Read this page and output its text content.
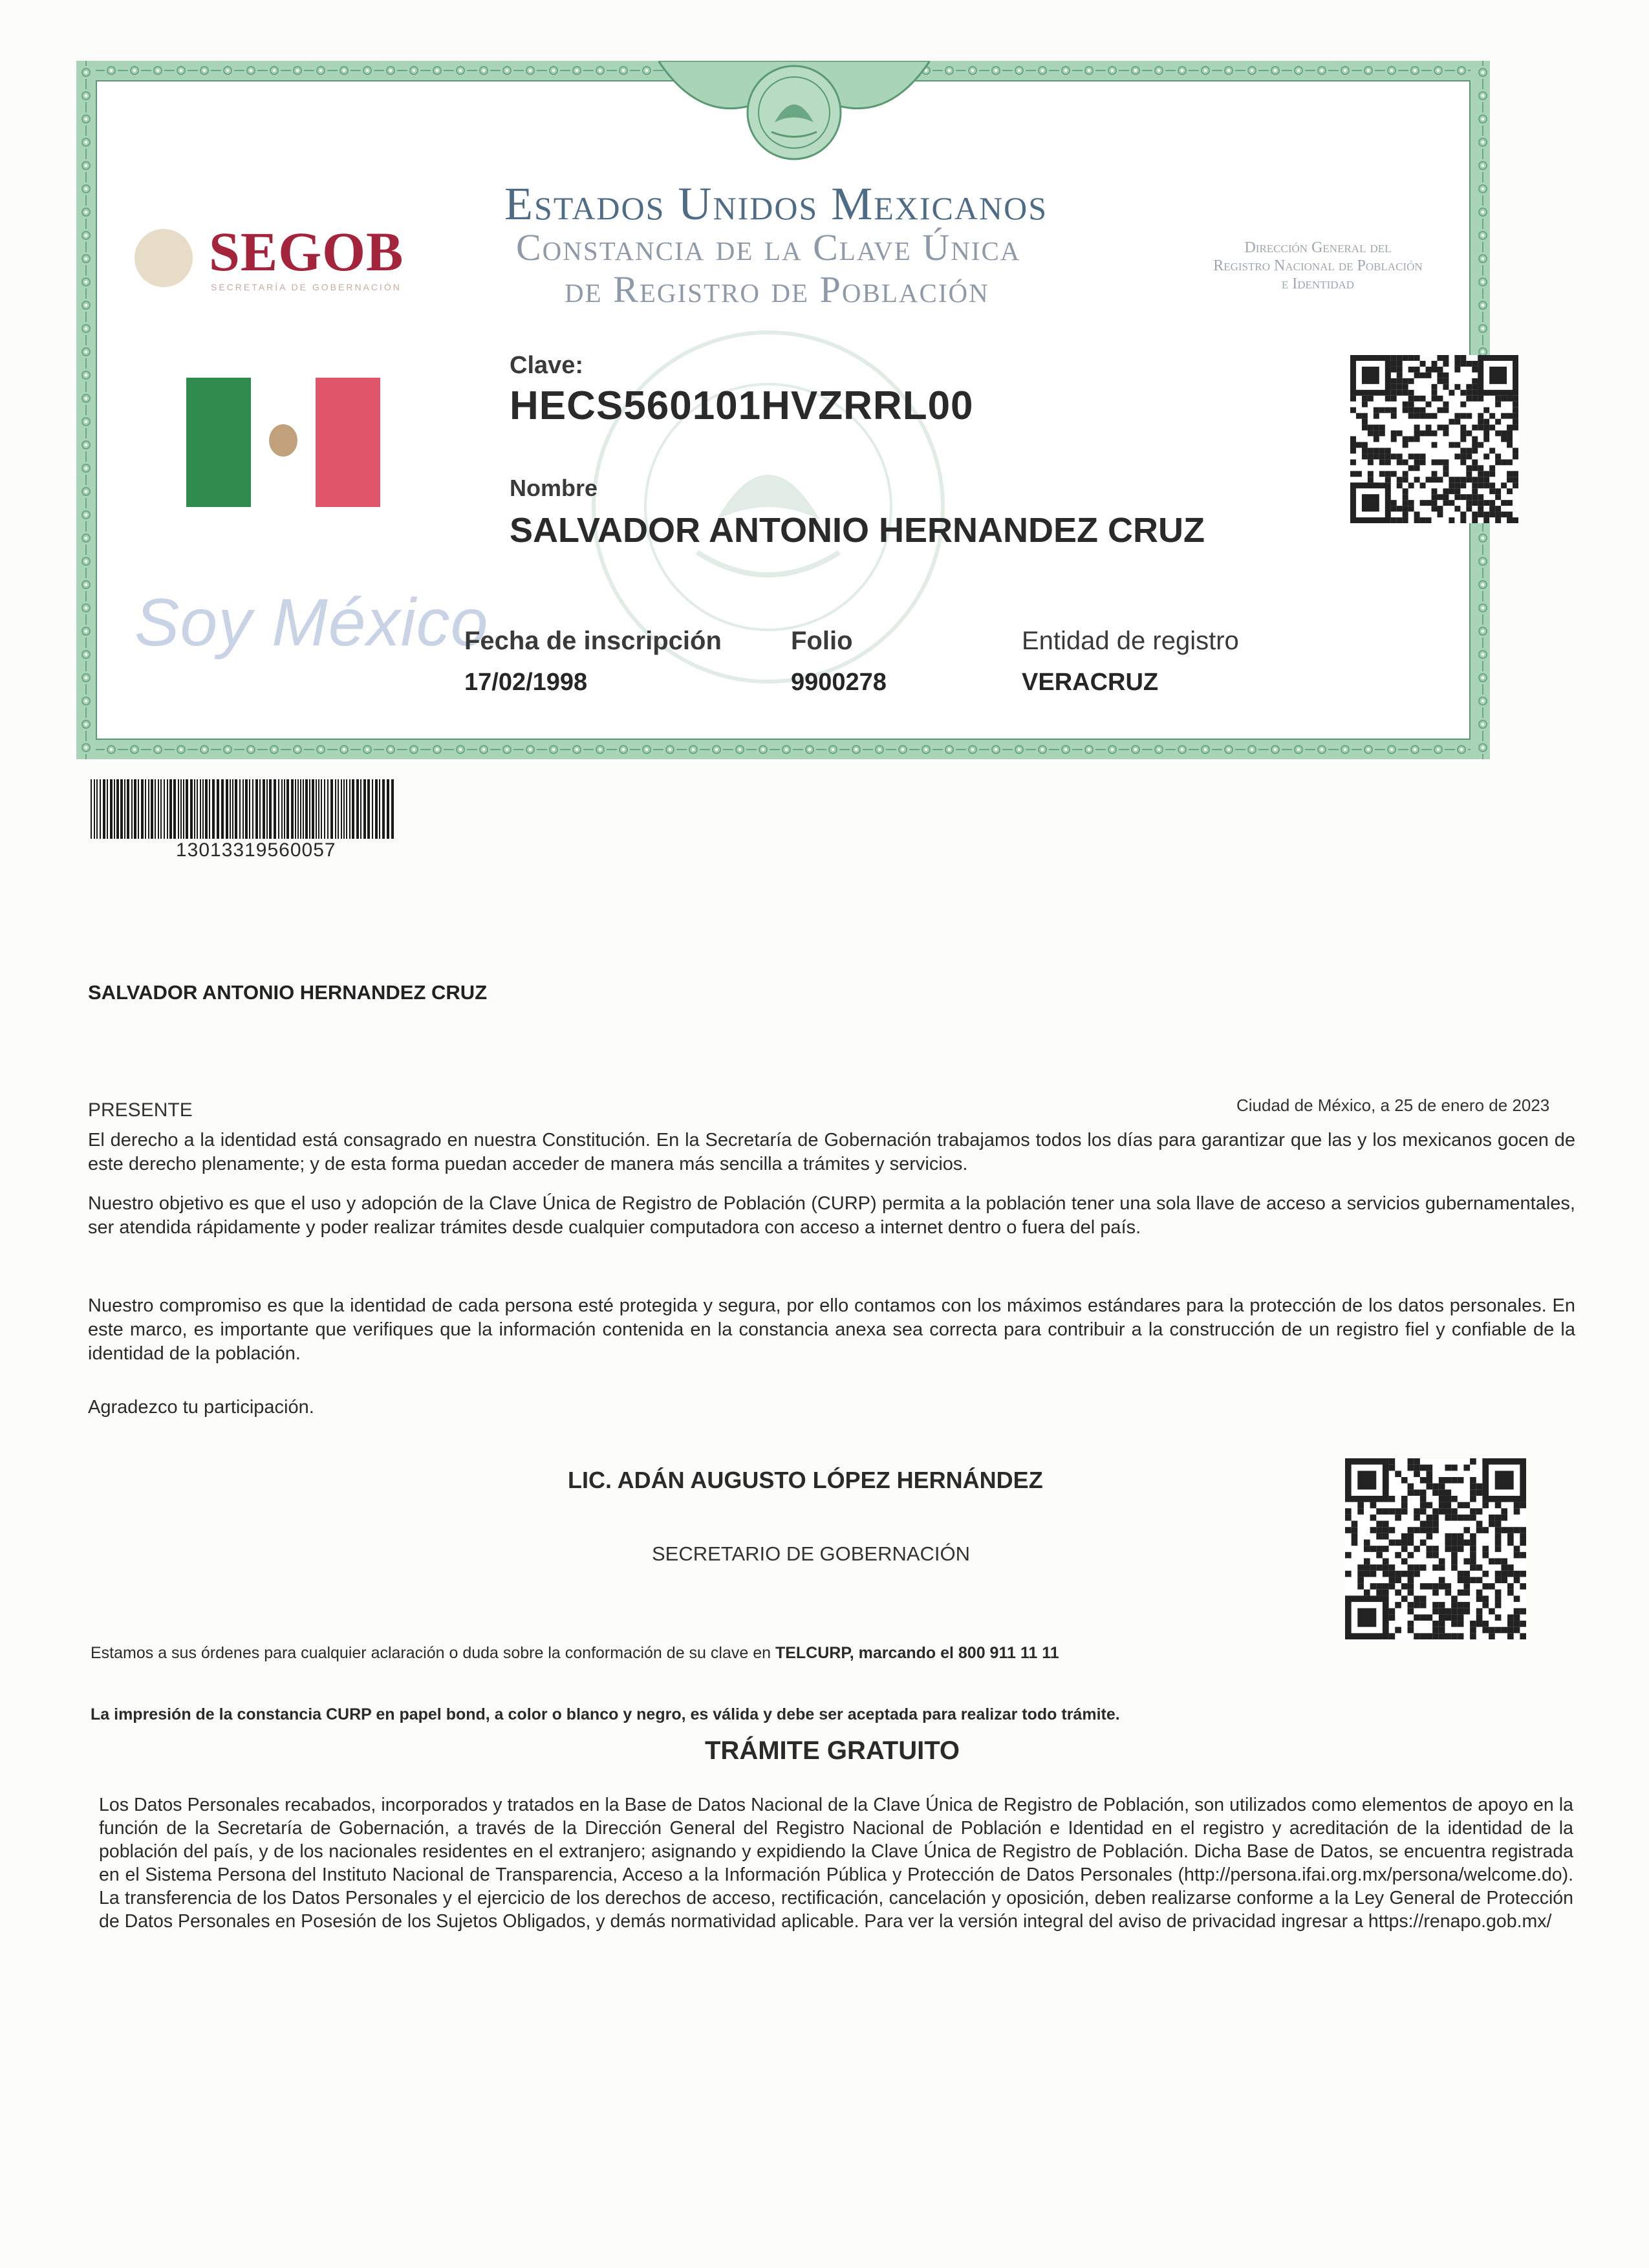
SEGOB
SECRETARÍA DE GOBERNACIÓN
Estados Unidos Mexicanos
Constancia de la Clave Única
de Registro de Población
Dirección General del
Registro Nacional de Población
e Identidad
Soy México
Clave:
HECS560101HVZRRL00
Nombre
SALVADOR ANTONIO HERNANDEZ CRUZ
Fecha de inscripción
17/02/1998
Folio
9900278
Entidad de registro
VERACRUZ
13013319560057
SALVADOR ANTONIO HERNANDEZ CRUZ
PRESENTE	Ciudad de México, a 25 de enero de 2023
El derecho a la identidad está consagrado en nuestra Constitución. En la Secretaría de Gobernación trabajamos todos los días para garantizar que las y los mexicanos gocen de este derecho plenamente; y de esta forma puedan acceder de manera más sencilla a trámites y servicios.
Nuestro objetivo es que el uso y adopción de la Clave Única de Registro de Población (CURP) permita a la población tener una sola llave de acceso a servicios gubernamentales, ser atendida rápidamente y poder realizar trámites desde cualquier computadora con acceso a internet dentro o fuera del país.
Nuestro compromiso es que la identidad de cada persona esté protegida y segura, por ello contamos con los máximos estándares para la protección de los datos personales. En este marco, es importante que verifiques que la información contenida en la constancia anexa sea correcta para contribuir a la construcción de un registro fiel y confiable de la identidad de la población.
Agradezco tu participación.
LIC. ADÁN AUGUSTO LÓPEZ HERNÁNDEZ
SECRETARIO DE GOBERNACIÓN
Estamos a sus órdenes para cualquier aclaración o duda sobre la conformación de su clave en TELCURP, marcando el 800 911 11 11
La impresión de la constancia CURP en papel bond, a color o blanco y negro, es válida y debe ser aceptada para realizar todo trámite.
TRÁMITE GRATUITO
Los Datos Personales recabados, incorporados y tratados en la Base de Datos Nacional de la Clave Única de Registro de Población, son utilizados como elementos de apoyo en la función de la Secretaría de Gobernación, a través de la Dirección General del Registro Nacional de Población e Identidad en el registro y acreditación de la identidad de la población del país, y de los nacionales residentes en el extranjero; asignando y expidiendo la Clave Única de Registro de Población. Dicha Base de Datos, se encuentra registrada en el Sistema Persona del Instituto Nacional de Transparencia, Acceso a la Información Pública y Protección de Datos Personales (http://persona.ifai.org.mx/persona/welcome.do). La transferencia de los Datos Personales y el ejercicio de los derechos de acceso, rectificación, cancelación y oposición, deben realizarse conforme a la Ley General de Protección de Datos Personales en Posesión de los Sujetos Obligados, y demás normatividad aplicable. Para ver la versión integral del aviso de privacidad ingresar a https://renapo.gob.mx/
